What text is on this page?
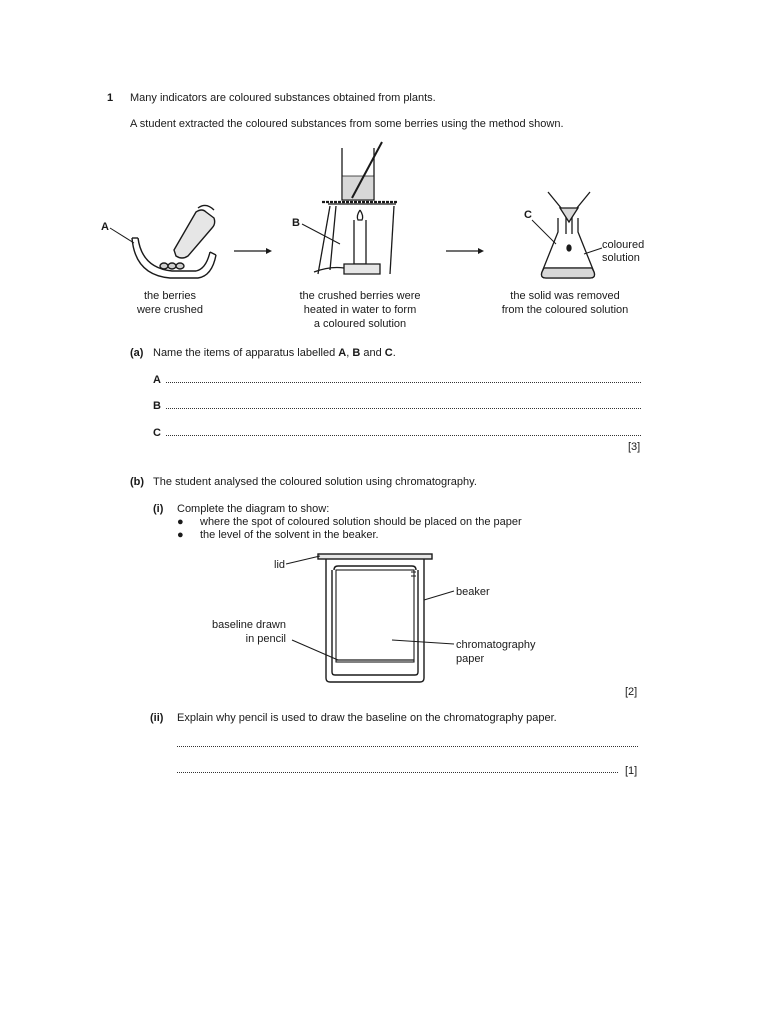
1 Many indicators are coloured substances obtained from plants.
A student extracted the coloured substances from some berries using the method shown.
A	B
C
coloured
solution
the berries
were crushed
the crushed berries were
heated in water to form
a coloured solution
the solid was removed
from the coloured solution
(a) Name the items of apparatus labelled A, B and C.
A
B
C
[3]
(b) The student analysed the coloured solution using chromatography.
(i) Complete the diagram to show:
● where the spot of coloured solution should be placed on the paper
● the level of the solvent in the beaker.
lid
beaker
baseline drawn
in pencil	chromatography
paper
[2]
(ii) Explain why pencil is used to draw the baseline on the chromatography paper.
[1]
